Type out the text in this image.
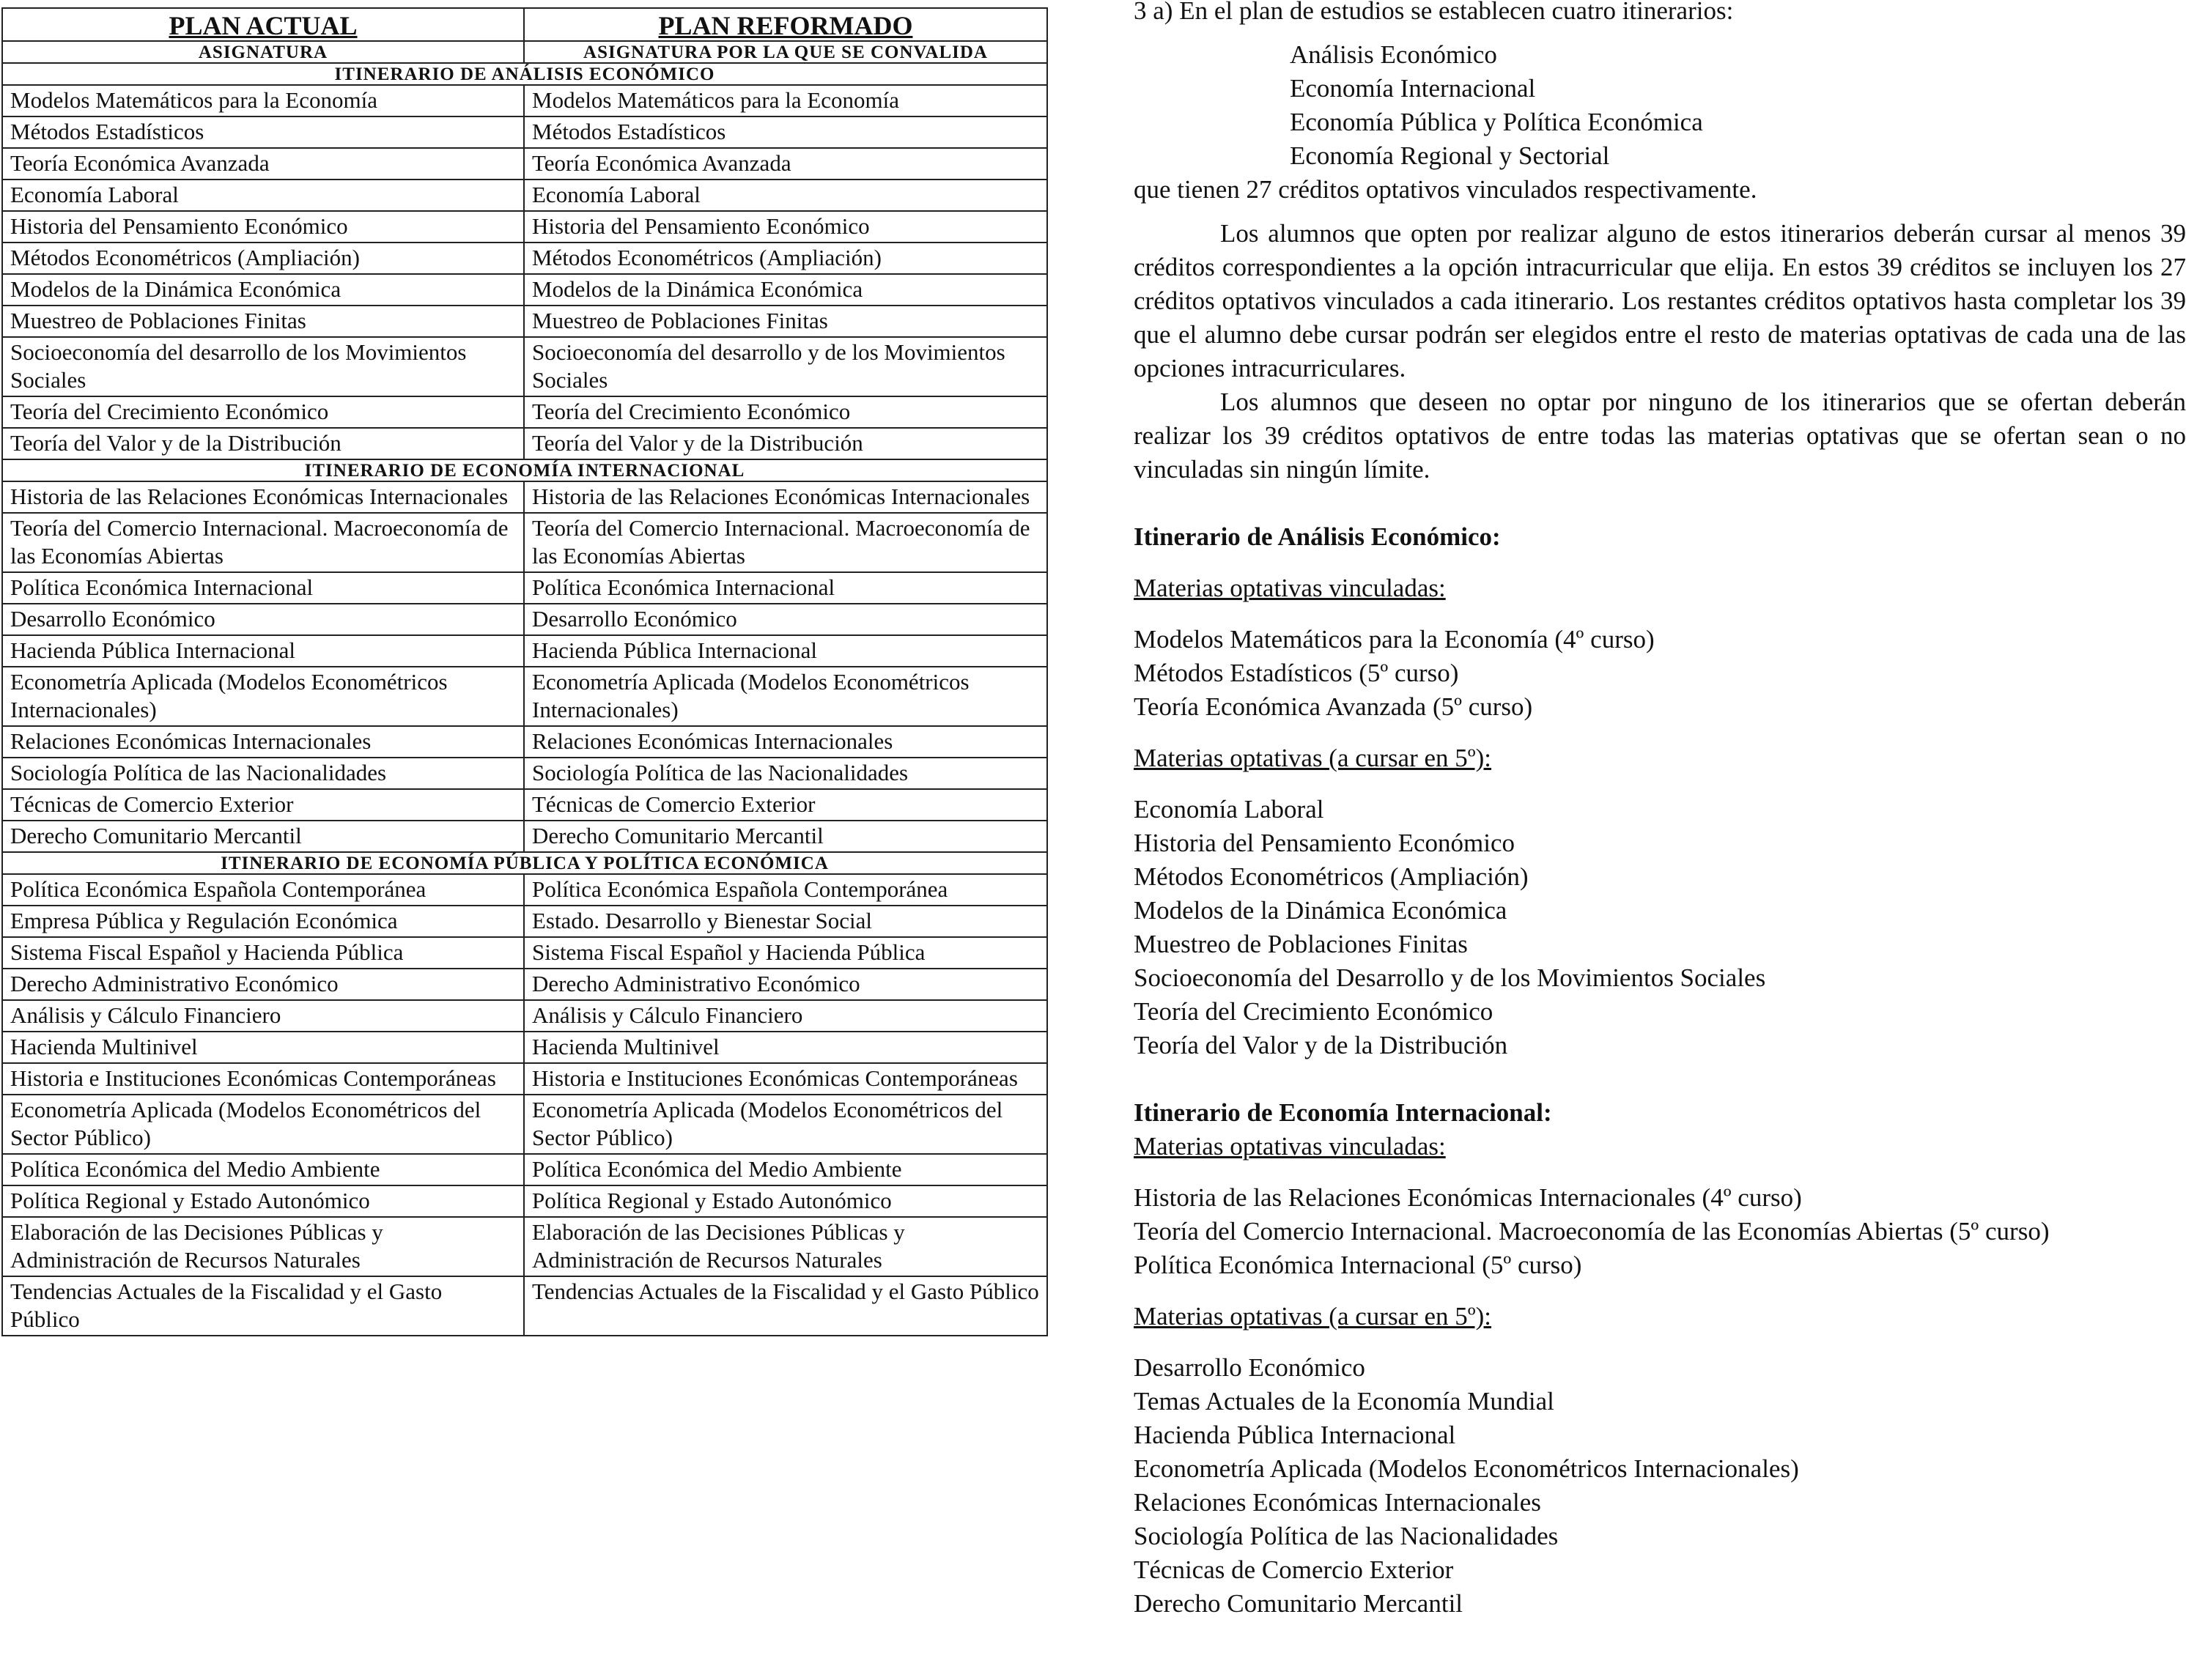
PLAN ACTUAL	PLAN REFORMADO
ASIGNATURA	ASIGNATURA POR LA QUE SE CONVALIDA
ITINERARIO DE ANÁLISIS ECONÓMICO	
Modelos Matemáticos para la Economía	Modelos Matemáticos para la Economía
Métodos Estadísticos	Métodos Estadísticos
Teoría Económica Avanzada	Teoría Económica Avanzada
Economía Laboral	Economía Laboral
Historia del Pensamiento Económico	Historia del Pensamiento Económico
Métodos Econométricos (Ampliación)	Métodos Econométricos (Ampliación)
Modelos de la Dinámica Económica	Modelos de la Dinámica Económica
Muestreo de Poblaciones Finitas	Muestreo de Poblaciones Finitas
Socioeconomía del desarrollo de los Movimientos Sociales	Socioeconomía del desarrollo y de los Movimientos Sociales
Teoría del Crecimiento Económico	Teoría del Crecimiento Económico
Teoría del Valor y de la Distribución	Teoría del Valor y de la Distribución
ITINERARIO DE ECONOMÍA INTERNACIONAL	
Historia de las Relaciones Económicas Internacionales	Historia de las Relaciones Económicas Internacionales
Teoría del Comercio Internacional. Macroeconomía de las Economías Abiertas	Teoría del Comercio Internacional. Macroeconomía de las Economías Abiertas
Política Económica Internacional	Política Económica Internacional
Desarrollo Económico	Desarrollo Económico
Hacienda Pública Internacional	Hacienda Pública Internacional
Econometría Aplicada (Modelos Econométricos Internacionales)	Econometría Aplicada (Modelos Econométricos Internacionales)
Relaciones Económicas Internacionales	Relaciones Económicas Internacionales
Sociología Política de las Nacionalidades	Sociología Política de las Nacionalidades
Técnicas de Comercio Exterior	Técnicas de Comercio Exterior
Derecho Comunitario Mercantil	Derecho Comunitario Mercantil
ITINERARIO DE ECONOMÍA PÚBLICA Y POLÍTICA ECONÓMICA	
Política Económica Española Contemporánea	Política Económica Española Contemporánea
Empresa Pública y Regulación Económica	Estado. Desarrollo y Bienestar Social
Sistema Fiscal Español y Hacienda Pública	Sistema Fiscal Español y Hacienda Pública
Derecho Administrativo Económico	Derecho Administrativo Económico
Análisis y Cálculo Financiero	Análisis y Cálculo Financiero
Hacienda Multinivel	Hacienda Multinivel
Historia e Instituciones Económicas Contemporáneas	Historia e Instituciones Económicas Contemporáneas
Econometría Aplicada (Modelos Econométricos del Sector Público)	Econometría Aplicada (Modelos Econométricos del Sector Público)
Política Económica del Medio Ambiente	Política Económica del Medio Ambiente
Política Regional y Estado Autonómico	Política Regional y Estado Autonómico
Elaboración de las Decisiones Públicas y Administración de Recursos Naturales	Elaboración de las Decisiones Públicas y Administración de Recursos Naturales
Tendencias Actuales de la Fiscalidad y el Gasto Público	Tendencias Actuales de la Fiscalidad y el Gasto Público

3 a) En el plan de estudios se establecen cuatro itinerarios:

Análisis Económico
Economía Internacional
Economía Pública y Política Económica
Economía Regional y Sectorial

que tienen 27 créditos optativos vinculados respectivamente.

Los alumnos que opten por realizar alguno de estos itinerarios deberán cursar al menos 39 créditos correspondientes a la opción intracurricular que elija. En estos 39 créditos se incluyen los 27 créditos optativos vinculados a cada itinerario. Los restantes créditos optativos hasta completar los 39 que el alumno debe cursar podrán ser elegidos entre el resto de materias optativas de cada una de las opciones intracurriculares.

Los alumnos que deseen no optar por ninguno de los itinerarios que se ofertan deberán realizar los 39 créditos optativos de entre todas las materias optativas que se ofertan sean o no vinculadas sin ningún límite.

Itinerario de Análisis Económico:

Materias optativas vinculadas:

Modelos Matemáticos para la Economía (4º curso)
Métodos Estadísticos (5º curso)
Teoría Económica Avanzada (5º curso)

Materias optativas (a cursar en 5º):

Economía Laboral
Historia del Pensamiento Económico
Métodos Econométricos (Ampliación)
Modelos de la Dinámica Económica
Muestreo de Poblaciones Finitas
Socioeconomía del Desarrollo y de los Movimientos Sociales
Teoría del Crecimiento Económico
Teoría del Valor y de la Distribución

Itinerario de Economía Internacional:

Materias optativas vinculadas:

Historia de las Relaciones Económicas Internacionales (4º curso)
Teoría del Comercio Internacional. Macroeconomía de las Economías Abiertas (5º curso)
Política Económica Internacional (5º curso)

Materias optativas (a cursar en 5º):

Desarrollo Económico
Temas Actuales de la Economía Mundial
Hacienda Pública Internacional
Econometría Aplicada (Modelos Econométricos Internacionales)
Relaciones Económicas Internacionales
Sociología Política de las Nacionalidades
Técnicas de Comercio Exterior
Derecho Comunitario Mercantil
